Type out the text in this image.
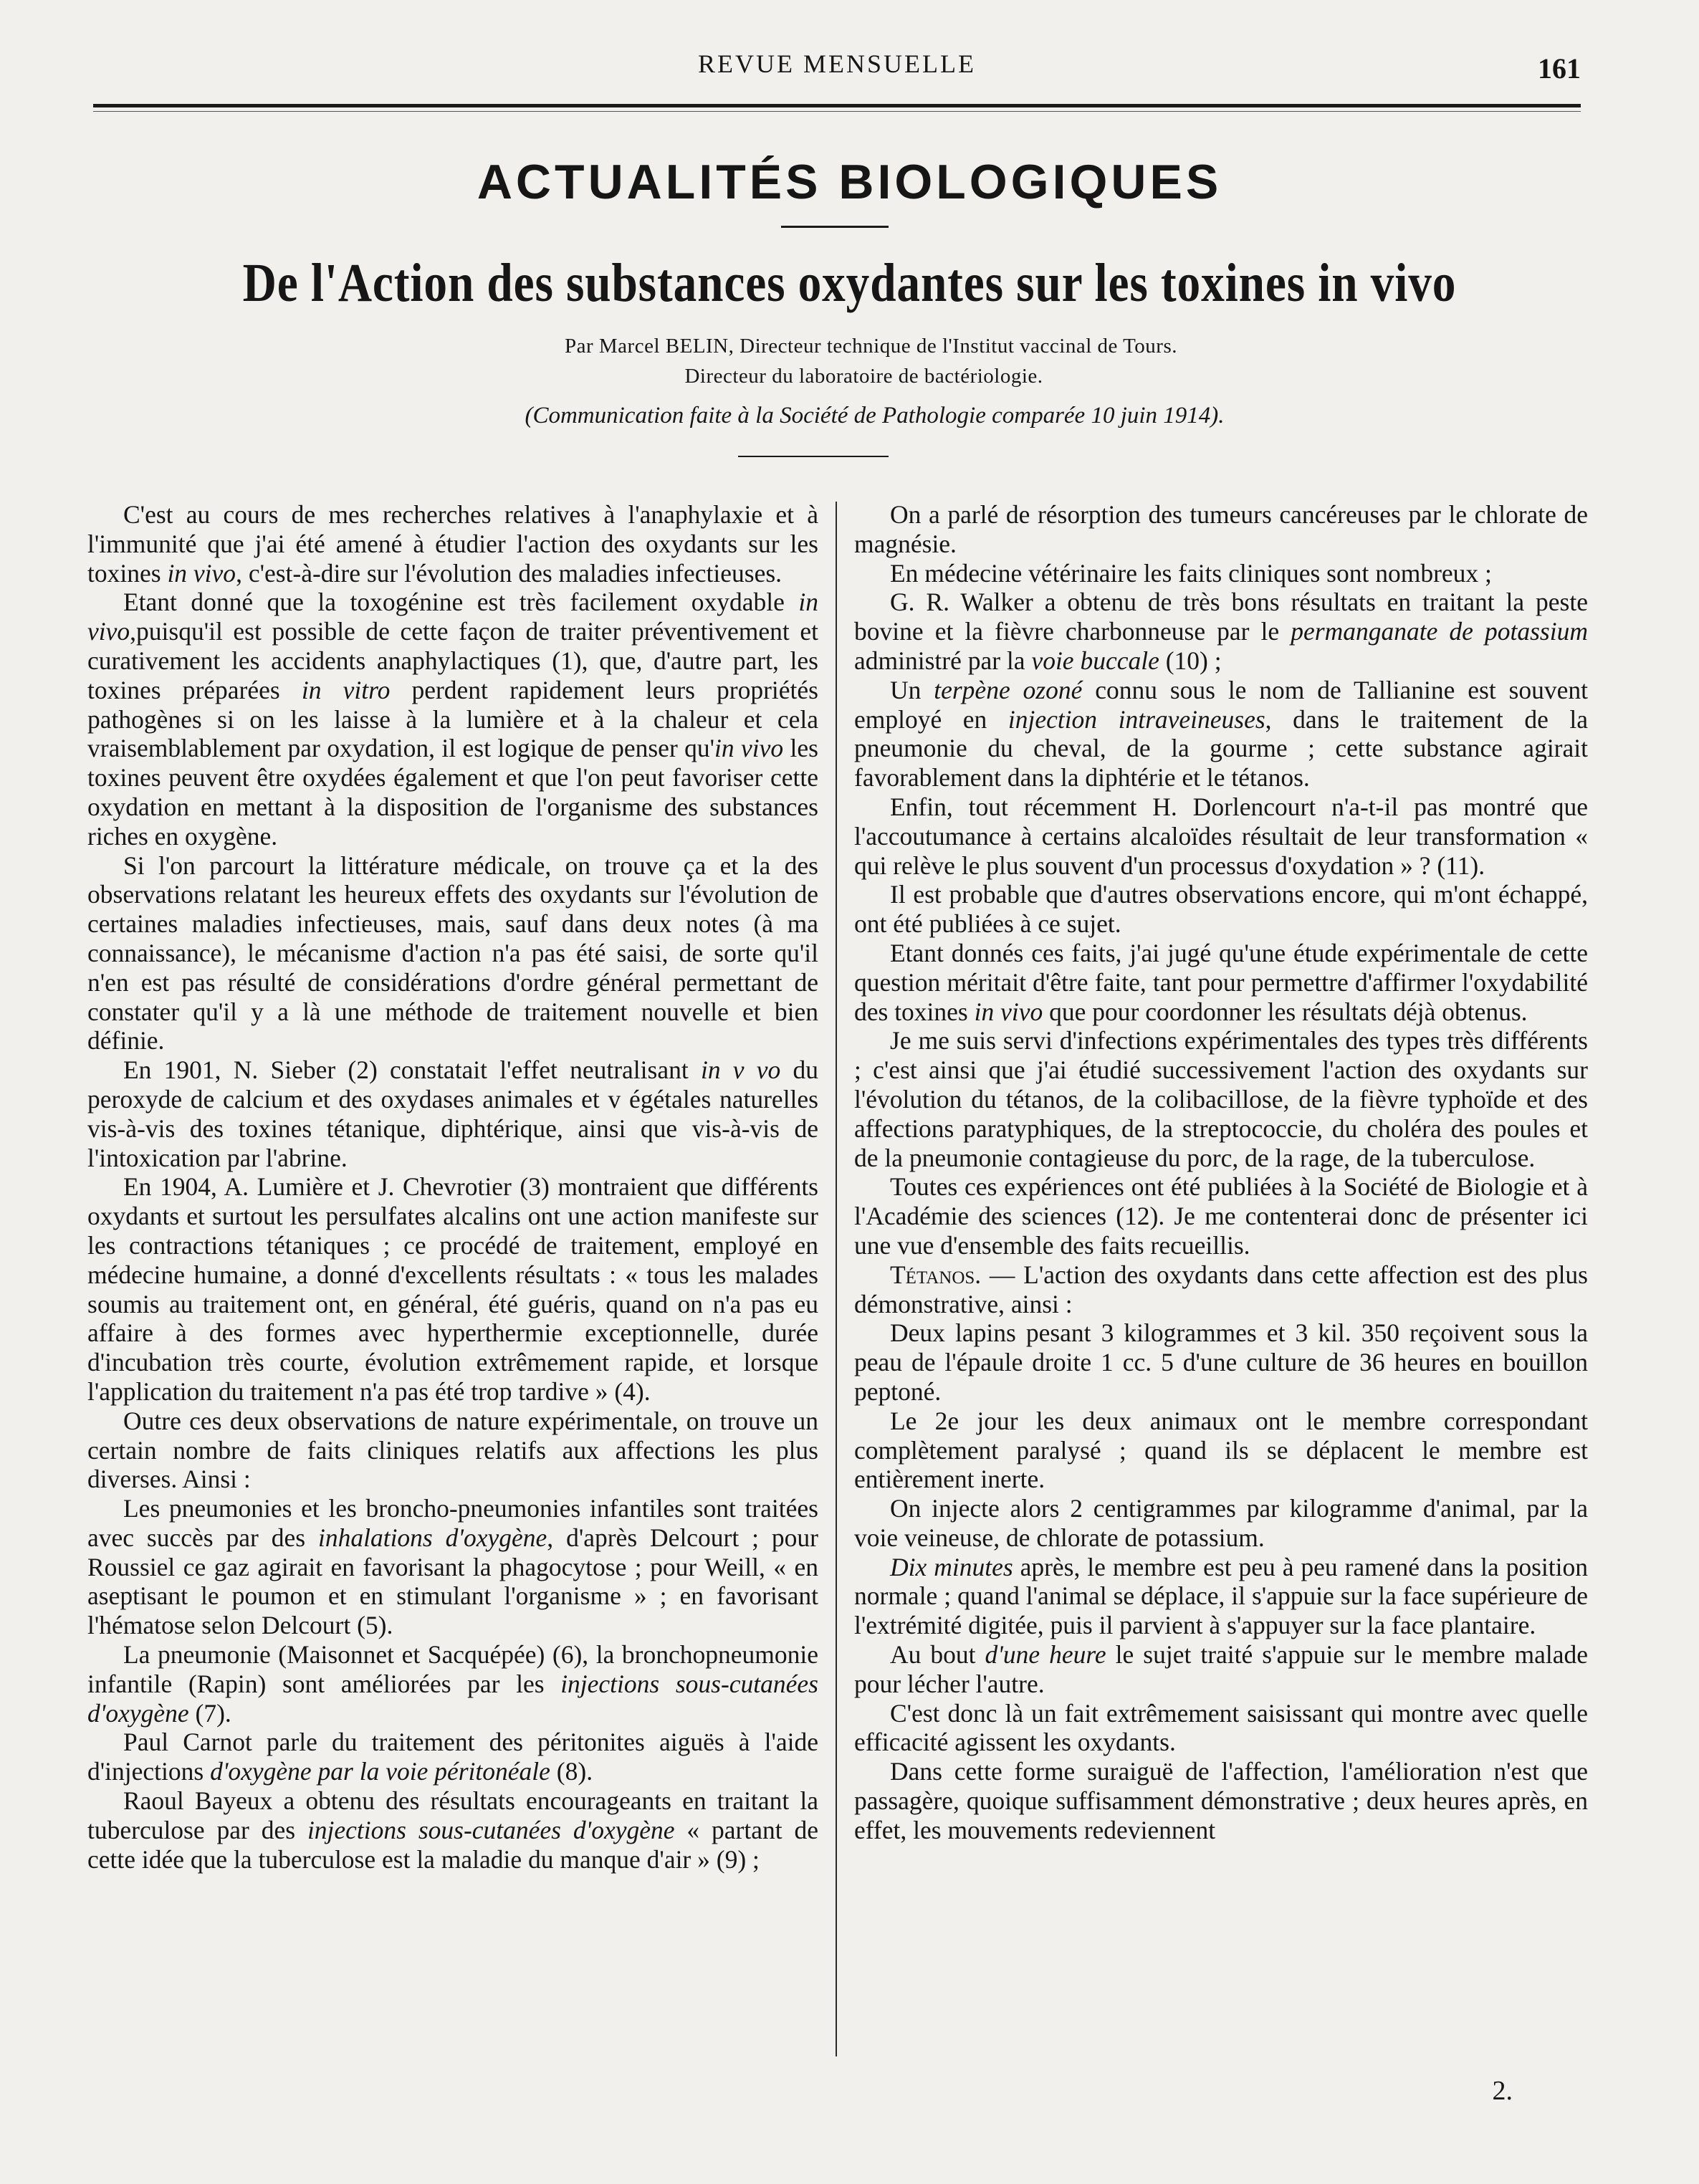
REVUE MENSUELLE	161
ACTUALITÉS BIOLOGIQUES
De l'Action des substances oxydantes sur les toxines in vivo
Par Marcel BELIN, Directeur technique de l'Institut vaccinal de Tours.
Directeur du laboratoire de bactériologie.
(Communication faite à la Société de Pathologie comparée 10 juin 1914).

C'est au cours de mes recherches relatives à l'anaphylaxie et à l'immunité que j'ai été amené à étudier l'action des oxydants sur les toxines in vivo, c'est-à-dire sur l'évolution des maladies infectieuses.

Etant donné que la toxogénine est très facilement oxydable in vivo,puisqu'il est possible de cette façon de traiter préventivement et curativement les accidents anaphylactiques (1), que, d'autre part, les toxines préparées in vitro perdent rapidement leurs propriétés pathogènes si on les laisse à la lumière et à la chaleur et cela vraisemblablement par oxydation, il est logique de penser qu'in vivo les toxines peuvent être oxydées également et que l'on peut favoriser cette oxydation en mettant à la disposition de l'organisme des substances riches en oxygène.

Si l'on parcourt la littérature médicale, on trouve ça et la des observations relatant les heureux effets des oxydants sur l'évolution de certaines maladies infectieuses, mais, sauf dans deux notes (à ma connaissance), le mécanisme d'action n'a pas été saisi, de sorte qu'il n'en est pas résulté de considérations d'ordre général permettant de constater qu'il y a là une méthode de traitement nouvelle et bien définie.

En 1901, N. Sieber (2) constatait l'effet neutralisant in v vo du peroxyde de calcium et des oxydases animales et v égétales naturelles vis-à-vis des toxines tétanique, diphtérique, ainsi que vis-à-vis de l'intoxication par l'abrine.

En 1904, A. Lumière et J. Chevrotier (3) montraient que différents oxydants et surtout les persulfates alcalins ont une action manifeste sur les contractions tétaniques ; ce procédé de traitement, employé en médecine humaine, a donné d'excellents résultats : « tous les malades soumis au traitement ont, en général, été guéris, quand on n'a pas eu affaire à des formes avec hyperthermie exceptionnelle, durée d'incubation très courte, évolution extrêmement rapide, et lorsque l'application du traitement n'a pas été trop tardive » (4).

Outre ces deux observations de nature expérimentale, on trouve un certain nombre de faits cliniques relatifs aux affections les plus diverses. Ainsi :

Les pneumonies et les broncho-pneumonies infantiles sont traitées avec succès par des inhalations d'oxygène, d'après Delcourt ; pour Roussiel ce gaz agirait en favorisant la phagocytose ; pour Weill, « en aseptisant le poumon et en stimulant l'organisme » ; en favorisant l'hématose selon Delcourt (5).

La pneumonie (Maisonnet et Sacquépée) (6), la bronchopneumonie infantile (Rapin) sont améliorées par les injections sous-cutanées d'oxygène (7).

Paul Carnot parle du traitement des péritonites aiguës à l'aide d'injections d'oxygène par la voie péritonéale (8).

Raoul Bayeux a obtenu des résultats encourageants en traitant la tuberculose par des injections sous-cutanées d'oxygène « partant de cette idée que la tuberculose est la maladie du manque d'air » (9) ;

On a parlé de résorption des tumeurs cancéreuses par le chlorate de magnésie.

En médecine vétérinaire les faits cliniques sont nombreux ;

G. R. Walker a obtenu de très bons résultats en traitant la peste bovine et la fièvre charbonneuse par le permanganate de potassium administré par la voie buccale (10) ;

Un terpène ozoné connu sous le nom de Tallianine est souvent employé en injection intraveineuses, dans le traitement de la pneumonie du cheval, de la gourme ; cette substance agirait favorablement dans la diphtérie et le tétanos.

Enfin, tout récemment H. Dorlencourt n'a-t-il pas montré que l'accoutumance à certains alcaloïdes résultait de leur transformation « qui relève le plus souvent d'un processus d'oxydation » ? (11).

Il est probable que d'autres observations encore, qui m'ont échappé, ont été publiées à ce sujet.

Etant donnés ces faits, j'ai jugé qu'une étude expérimentale de cette question méritait d'être faite, tant pour permettre d'affirmer l'oxydabilité des toxines in vivo que pour coordonner les résultats déjà obtenus.

Je me suis servi d'infections expérimentales des types très différents ; c'est ainsi que j'ai étudié successivement l'action des oxydants sur l'évolution du tétanos, de la colibacillose, de la fièvre typhoïde et des affections paratyphiques, de la streptococcie, du choléra des poules et de la pneumonie contagieuse du porc, de la rage, de la tuberculose.

Toutes ces expériences ont été publiées à la Société de Biologie et à l'Académie des sciences (12). Je me contenterai donc de présenter ici une vue d'ensemble des faits recueillis.

Tétanos. — L'action des oxydants dans cette affection est des plus démonstrative, ainsi :

Deux lapins pesant 3 kilogrammes et 3 kil. 350 reçoivent sous la peau de l'épaule droite 1 cc. 5 d'une culture de 36 heures en bouillon peptoné.

Le 2e jour les deux animaux ont le membre correspondant complètement paralysé ; quand ils se déplacent le membre est entièrement inerte.

On injecte alors 2 centigrammes par kilogramme d'animal, par la voie veineuse, de chlorate de potassium.

Dix minutes après, le membre est peu à peu ramené dans la position normale ; quand l'animal se déplace, il s'appuie sur la face supérieure de l'extrémité digitée, puis il parvient à s'appuyer sur la face plantaire.

Au bout d'une heure le sujet traité s'appuie sur le membre malade pour lécher l'autre.

C'est donc là un fait extrêmement saisissant qui montre avec quelle efficacité agissent les oxydants.

Dans cette forme suraiguë de l'affection, l'amélioration n'est que passagère, quoique suffisamment démonstrative ; deux heures après, en effet, les mouvements redeviennent

2.
